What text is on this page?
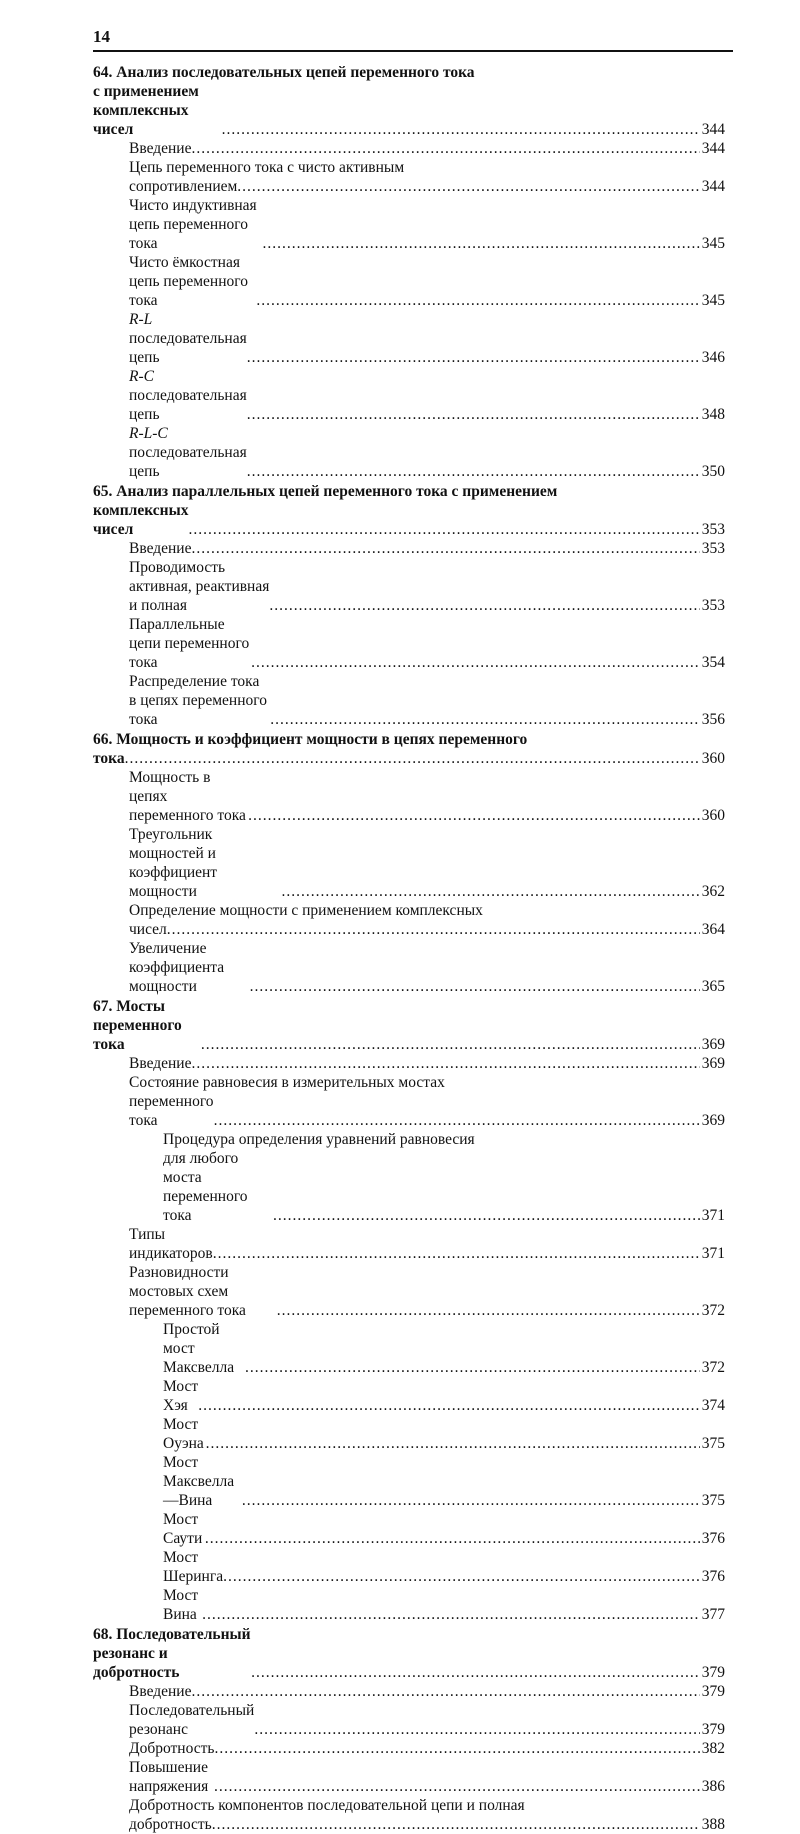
14
64. Анализ последовательных цепей переменного тока
с применением комплексных чисел .....	344
Введение .....	344
Цепь переменного тока с чисто активным
сопротивлением .....	344
Чисто индуктивная цепь переменного тока .....	345
Чисто ёмкостная цепь переменного тока .....	345
R-L последовательная цепь .....	346
R-C последовательная цепь .....	348
R-L-C последовательная цепь .....	350
65. Анализ параллельных цепей переменного тока с применением
комплексных чисел .....	353
Введение .....	353
Проводимость активная, реактивная и полная .....	353
Параллельные цепи переменного тока .....	354
Распределение тока в цепях переменного тока .....	356
66. Мощность и коэффициент мощности в цепях переменного
тока .....	360
Мощность в цепях переменного тока .....	360
Треугольник мощностей и коэффициент мощности .....	362
Определение мощности с применением комплексных
чисел .....	364
Увеличение коэффициента мощности .....	365
67. Мосты переменного тока .....	369
Введение .....	369
Состояние равновесия в измерительных мостах
переменного тока .....	369
Процедура определения уравнений равновесия
для любого моста переменного тока .....	371
Типы индикаторов .....	371
Разновидности мостовых схем переменного тока .....	372
Простой мост Максвелла .....	372
Мост Хэя .....	374
Мост Оуэна .....	375
Мост Максвелла—Вина .....	375
Мост Саути .....	376
Мост Шеринга .....	376
Мост Вина .....	377
68. Последовательный резонанс и добротность .....	379
Введение .....	379
Последовательный резонанс .....	379
Добротность .....	382
Повышение напряжения .....	386
Добротность компонентов последовательной цепи и полная
добротность .....	388
